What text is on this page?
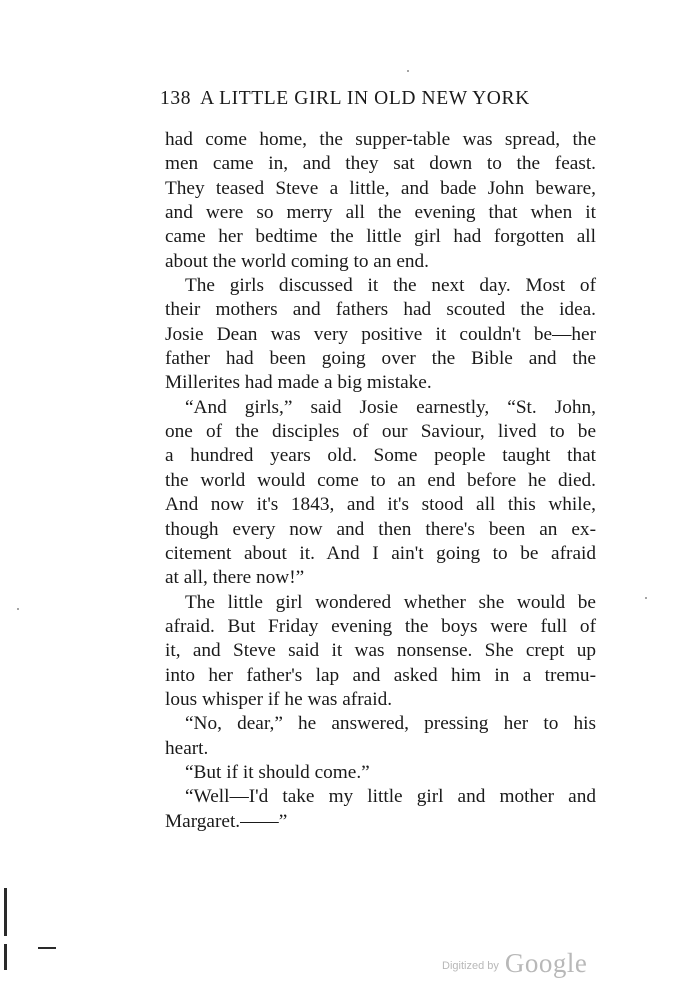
138 A LITTLE GIRL IN OLD NEW YORK
had come home, the supper-table was spread, the
men came in, and they sat down to the feast.
They teased Steve a little, and bade John beware,
and were so merry all the evening that when it
came her bedtime the little girl had forgotten all
about the world coming to an end.
The girls discussed it the next day. Most of
their mothers and fathers had scouted the idea.
Josie Dean was very positive it couldn't be—her
father had been going over the Bible and the
Millerites had made a big mistake.
“And girls,” said Josie earnestly, “St. John,
one of the disciples of our Saviour, lived to be
a hundred years old. Some people taught that
the world would come to an end before he died.
And now it's 1843, and it's stood all this while,
though every now and then there's been an ex-
citement about it. And I ain't going to be afraid
at all, there now!”
The little girl wondered whether she would be
afraid. But Friday evening the boys were full of
it, and Steve said it was nonsense. She crept up
into her father's lap and asked him in a tremu-
lous whisper if he was afraid.
“No, dear,” he answered, pressing her to his
heart.
“But if it should come.”
“Well—I'd take my little girl and mother and
Margaret.——”
Digitized by Google
